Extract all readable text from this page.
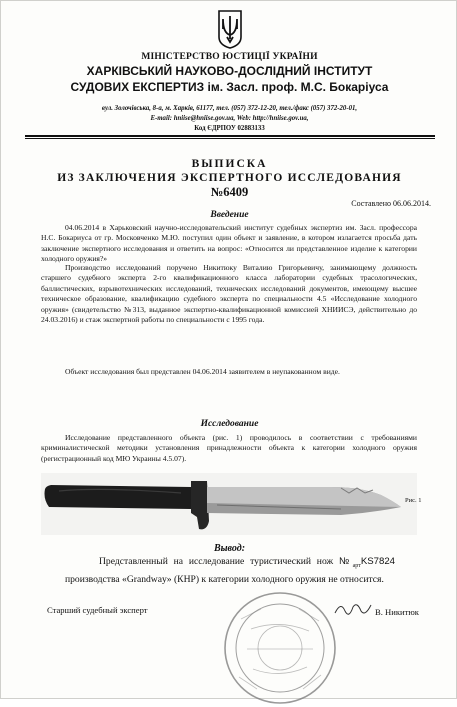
МІНІСТЕРСТВО ЮСТИЦІЇ УКРАЇНИ
ХАРКІВСЬКИЙ НАУКОВО-ДОСЛІДНИЙ ІНСТИТУТ
СУДОВИХ ЕКСПЕРТИЗ ім. Засл. проф. М.С. Бокаріуса
вул. Золочівська, 8-а, м. Харків, 61177, тел. (057) 372-12-20, тел./факс (057) 372-20-01,
E-mail: hniise@hniise.gov.ua, Web: http://hniise.gov.ua,
Код ЄДРПОУ 02883133
ВЫПИСКА
ИЗ ЗАКЛЮЧЕНИЯ ЭКСПЕРТНОГО ИССЛЕДОВАНИЯ
№6409
Составлено 06.06.2014.
Введение
04.06.2014 в Харьковский научно-исследовательский институт судебных экспертиз им. Засл. профессора Н.С. Бокариуса от гр. Московченко М.Ю. поступил один объект и заявление, в котором излагается просьба дать заключение экспертного исследования и ответить на вопрос: «Относится ли представленное изделие к категории холодного оружия?»
Производство исследований поручено Никитюку Виталию Григорьевичу, занимающему должность старшего судебного эксперта 2-го квалификационного класса лаборатории судебных трасологических, баллистических, взрывотехнических исследований, технических исследований документов, имеющему высшее техническое образование, квалификацию судебного эксперта по специальности 4.5 «Исследование холодного оружия» (свидетельство №313, выданное экспертно-квалификационной комиссией ХНИИСЭ, действительно до 24.03.2016) и стаж экспертной работы по специальности с 1995 года.
Объект исследования был представлен 04.06.2014 заявителем в неупакованном виде.
Исследование
Исследование представленного объекта (рис. 1) проводилось в соответствии с требованиями криминалистической методики установления принадлежности объекта к категории холодного оружия (регистрационный код МЮ Украины 4.5.07).
Рис. 1
Вывод:
Представленный на исследование туристический нож $№_{арт}KS7824$ производства «Grandway» (КНР) к категории холодного оружия не относится.
Старший судебный эксперт	В. Никитюк
